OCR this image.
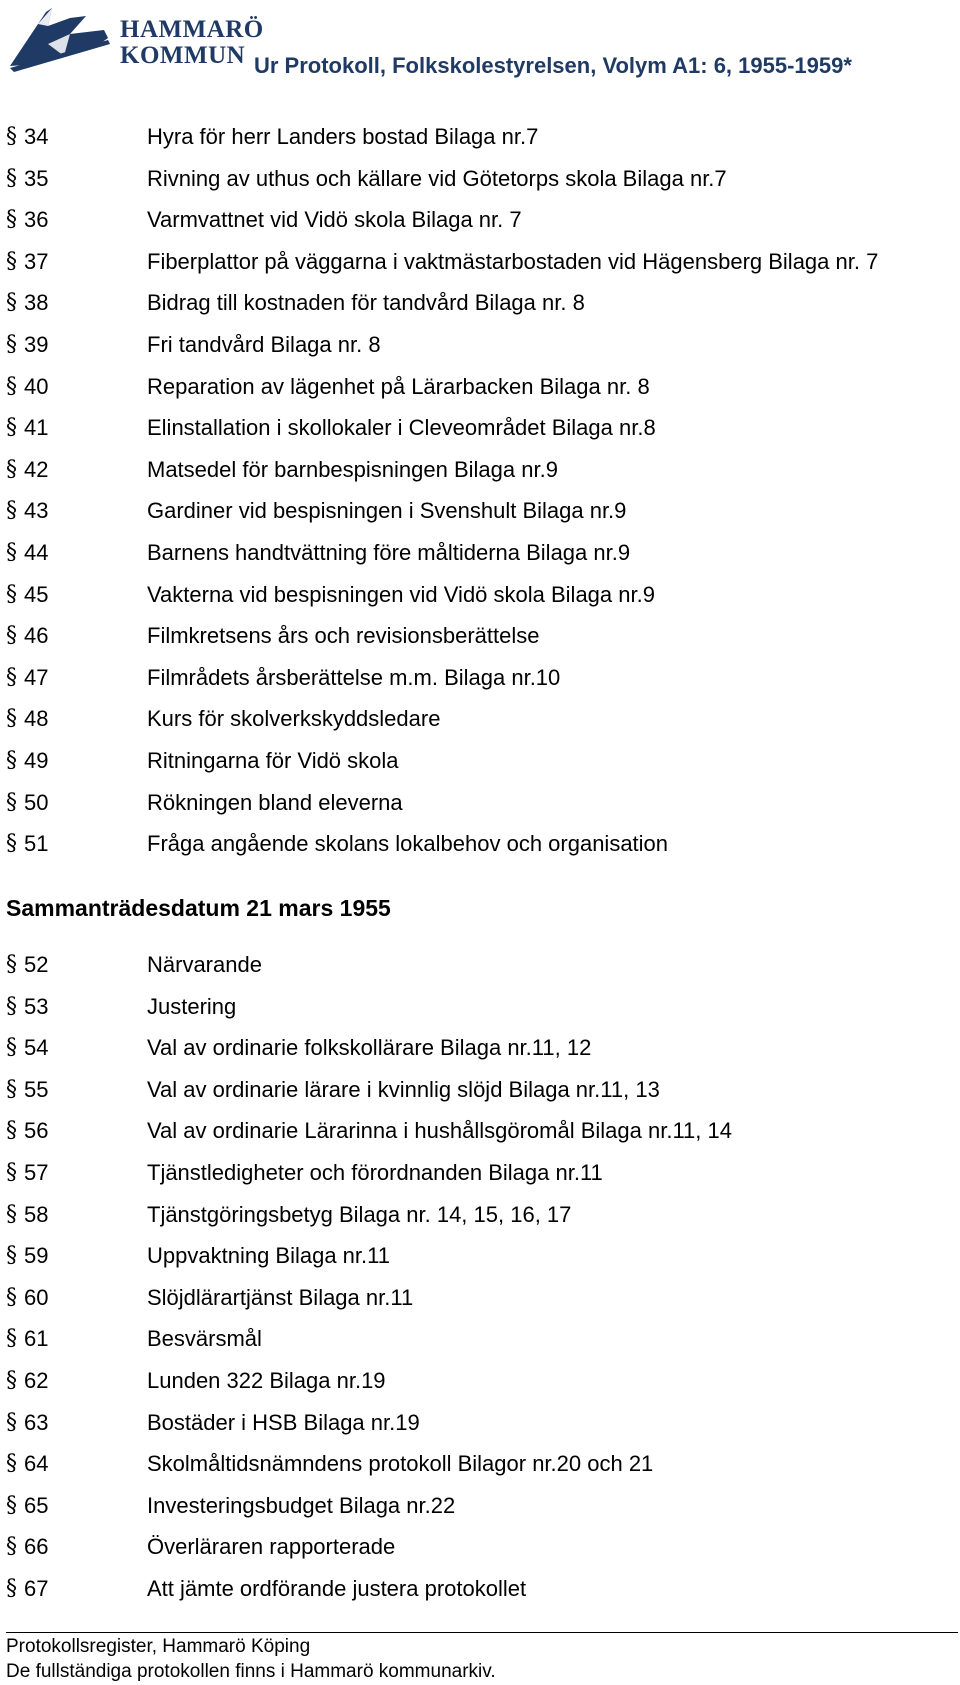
HAMMARÖ
KOMMUN Ur Protokoll, Folkskolestyrelsen, Volym A1: 6, 1955-1959*
§ 34	Hyra för herr Landers bostad Bilaga nr.7
§ 35	Rivning av uthus och källare vid Götetorps skola Bilaga nr.7
§ 36	Varmvattnet vid Vidö skola Bilaga nr. 7
§ 37	Fiberplattor på väggarna i vaktmästarbostaden vid Hägensberg Bilaga nr. 7
§ 38	Bidrag till kostnaden för tandvård Bilaga nr. 8
§ 39	Fri tandvård Bilaga nr. 8
§ 40	Reparation av lägenhet på Lärarbacken Bilaga nr. 8
§ 41	Elinstallation i skollokaler i Cleveområdet Bilaga nr.8
§ 42	Matsedel för barnbespisningen Bilaga nr.9
§ 43	Gardiner vid bespisningen i Svenshult Bilaga nr.9
§ 44	Barnens handtvättning före måltiderna Bilaga nr.9
§ 45	Vakterna vid bespisningen vid Vidö skola Bilaga nr.9
§ 46	Filmkretsens års och revisionsberättelse
§ 47	Filmrådets årsberättelse m.m. Bilaga nr.10
§ 48	Kurs för skolverkskyddsledare
§ 49	Ritningarna för Vidö skola
§ 50	Rökningen bland eleverna
§ 51	Fråga angående skolans lokalbehov och organisation
Sammanträdesdatum 21 mars 1955
§ 52	Närvarande
§ 53	Justering
§ 54	Val av ordinarie folkskollärare Bilaga nr.11, 12
§ 55	Val av ordinarie lärare i kvinnlig slöjd Bilaga nr.11, 13
§ 56	Val av ordinarie Lärarinna i hushållsgöromål Bilaga nr.11, 14
§ 57	Tjänstledigheter och förordnanden Bilaga nr.11
§ 58	Tjänstgöringsbetyg Bilaga nr. 14, 15, 16, 17
§ 59	Uppvaktning Bilaga nr.11
§ 60	Slöjdlärartjänst Bilaga nr.11
§ 61	Besvärsmål
§ 62	Lunden 322 Bilaga nr.19
§ 63	Bostäder i HSB Bilaga nr.19
§ 64	Skolmåltidsnämndens protokoll Bilagor nr.20 och 21
§ 65	Investeringsbudget Bilaga nr.22
§ 66	Överläraren rapporterade
§ 67	Att jämte ordförande justera protokollet
Protokollsregister, Hammarö Köping
De fullständiga protokollen finns i Hammarö kommunarkiv.
